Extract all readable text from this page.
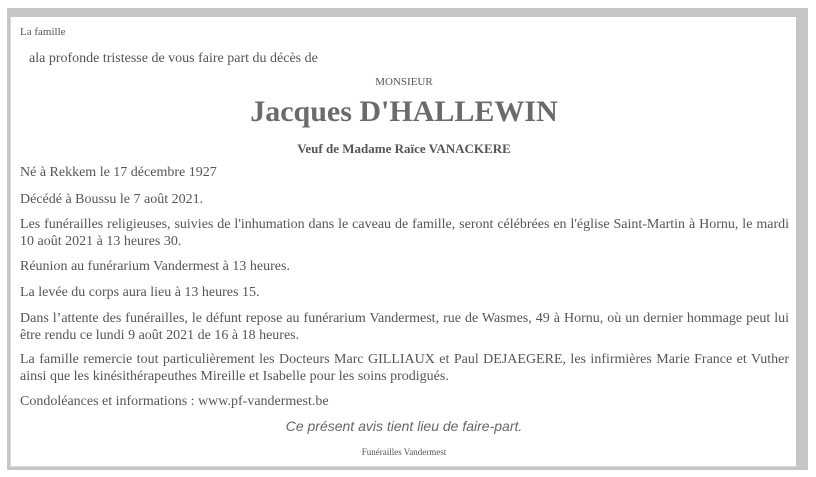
La famille
ala profonde tristesse de vous faire part du décès de
MONSIEUR
Jacques D'HALLEWIN
Veuf de Madame Raïce VANACKERE
Né à Rekkem le 17 décembre 1927
Décédé à Boussu le 7 août 2021.
Les funérailles religieuses, suivies de l'inhumation dans le caveau de famille, seront célébrées en l'église Saint-Martin à Hornu, le mardi 10 août 2021 à 13 heures 30.
Réunion au funérarium Vandermest à 13 heures.
La levée du corps aura lieu à 13 heures 15.
Dans l’attente des funérailles, le défunt repose au funérarium Vandermest, rue de Wasmes, 49 à Hornu, où un dernier hommage peut lui être rendu ce lundi 9 août 2021 de 16 à 18 heures.
La famille remercie tout particulièrement les Docteurs Marc GILLIAUX et Paul DEJAEGERE, les infirmières Marie France et Vuther ainsi que les kinésithérapeuthes Mireille et Isabelle pour les soins prodigués.
Condoléances et informations : www.pf-vandermest.be
Ce présent avis tient lieu de faire-part.
Funérailles Vandermest
